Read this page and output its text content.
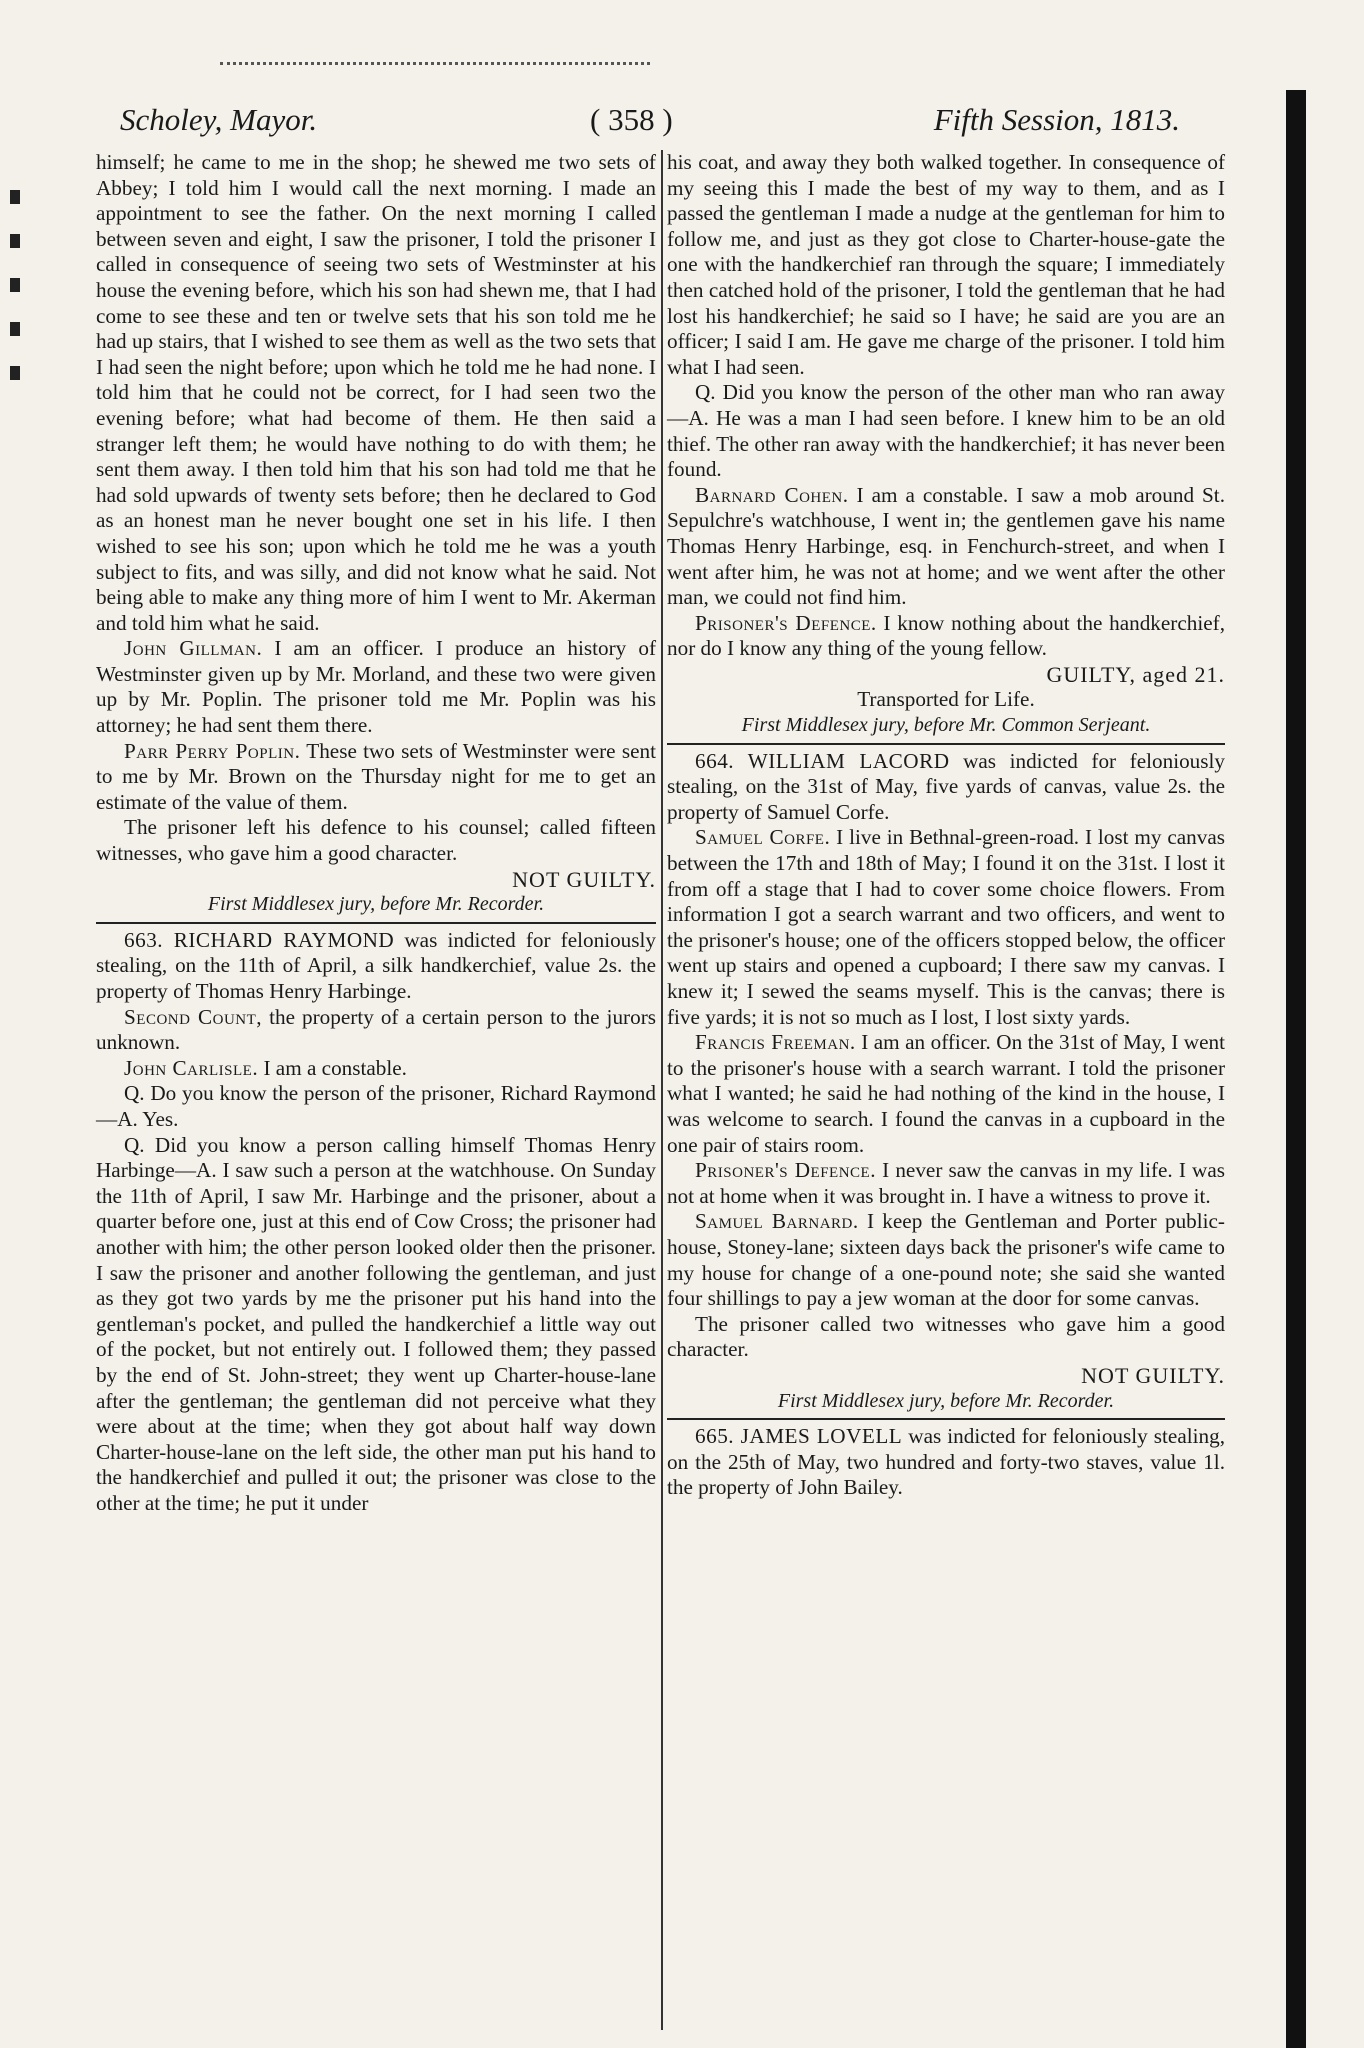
Scholey, Mayor.	( 358 )	Fifth Session, 1813.

himself; he came to me in the shop; he shewed me two sets of Abbey; I told him I would call the next morning. I made an appointment to see the father. On the next morning I called between seven and eight, I saw the prisoner, I told the prisoner I called in consequence of seeing two sets of Westminster at his house the evening before, which his son had shewn me, that I had come to see these and ten or twelve sets that his son told me he had up stairs, that I wished to see them as well as the two sets that I had seen the night before; upon which he told me he had none. I told him that he could not be correct, for I had seen two the evening before; what had become of them. He then said a stranger left them; he would have nothing to do with them; he sent them away. I then told him that his son had told me that he had sold upwards of twenty sets before; then he declared to God as an honest man he never bought one set in his life. I then wished to see his son; upon which he told me he was a youth subject to fits, and was silly, and did not know what he said. Not being able to make any thing more of him I went to Mr. Akerman and told him what he said.

John Gillman. I am an officer. I produce an history of Westminster given up by Mr. Morland, and these two were given up by Mr. Poplin. The prisoner told me Mr. Poplin was his attorney; he had sent them there.

Parr Perry Poplin. These two sets of Westminster were sent to me by Mr. Brown on the Thursday night for me to get an estimate of the value of them.

The prisoner left his defence to his counsel; called fifteen witnesses, who gave him a good character.

NOT GUILTY.

First Middlesex jury, before Mr. Recorder.

663. RICHARD RAYMOND was indicted for feloniously stealing, on the 11th of April, a silk handkerchief, value 2s. the property of Thomas Henry Harbinge.

Second Count, the property of a certain person to the jurors unknown.

John Carlisle. I am a constable.

Q. Do you know the person of the prisoner, Richard Raymond—A. Yes.

Q. Did you know a person calling himself Thomas Henry Harbinge—A. I saw such a person at the watchhouse. On Sunday the 11th of April, I saw Mr. Harbinge and the prisoner, about a quarter before one, just at this end of Cow Cross; the prisoner had another with him; the other person looked older then the prisoner. I saw the prisoner and another following the gentleman, and just as they got two yards by me the prisoner put his hand into the gentleman's pocket, and pulled the handkerchief a little way out of the pocket, but not entirely out. I followed them; they passed by the end of St. John-street; they went up Charter-house-lane after the gentleman; the gentleman did not perceive what they were about at the time; when they got about half way down Charter-house-lane on the left side, the other man put his hand to the handkerchief and pulled it out; the prisoner was close to the other at the time; he put it under

his coat, and away they both walked together. In consequence of my seeing this I made the best of my way to them, and as I passed the gentleman I made a nudge at the gentleman for him to follow me, and just as they got close to Charter-house-gate the one with the handkerchief ran through the square; I immediately then catched hold of the prisoner, I told the gentleman that he had lost his handkerchief; he said so I have; he said are you are an officer; I said I am. He gave me charge of the prisoner. I told him what I had seen.

Q. Did you know the person of the other man who ran away—A. He was a man I had seen before. I knew him to be an old thief. The other ran away with the handkerchief; it has never been found.

Barnard Cohen. I am a constable. I saw a mob around St. Sepulchre's watchhouse, I went in; the gentlemen gave his name Thomas Henry Harbinge, esq. in Fenchurch-street, and when I went after him, he was not at home; and we went after the other man, we could not find him.

Prisoner's Defence. I know nothing about the handkerchief, nor do I know any thing of the young fellow.

GUILTY, aged 21.

Transported for Life.

First Middlesex jury, before Mr. Common Serjeant.

664. WILLIAM LACORD was indicted for feloniously stealing, on the 31st of May, five yards of canvas, value 2s. the property of Samuel Corfe.

Samuel Corfe. I live in Bethnal-green-road. I lost my canvas between the 17th and 18th of May; I found it on the 31st. I lost it from off a stage that I had to cover some choice flowers. From information I got a search warrant and two officers, and went to the prisoner's house; one of the officers stopped below, the officer went up stairs and opened a cupboard; I there saw my canvas. I knew it; I sewed the seams myself. This is the canvas; there is five yards; it is not so much as I lost, I lost sixty yards.

Francis Freeman. I am an officer. On the 31st of May, I went to the prisoner's house with a search warrant. I told the prisoner what I wanted; he said he had nothing of the kind in the house, I was welcome to search. I found the canvas in a cupboard in the one pair of stairs room.

Prisoner's Defence. I never saw the canvas in my life. I was not at home when it was brought in. I have a witness to prove it.

Samuel Barnard. I keep the Gentleman and Porter public-house, Stoney-lane; sixteen days back the prisoner's wife came to my house for change of a one-pound note; she said she wanted four shillings to pay a jew woman at the door for some canvas.

The prisoner called two witnesses who gave him a good character.

NOT GUILTY.

First Middlesex jury, before Mr. Recorder.

665. JAMES LOVELL was indicted for feloniously stealing, on the 25th of May, two hundred and forty-two staves, value 1l. the property of John Bailey.
